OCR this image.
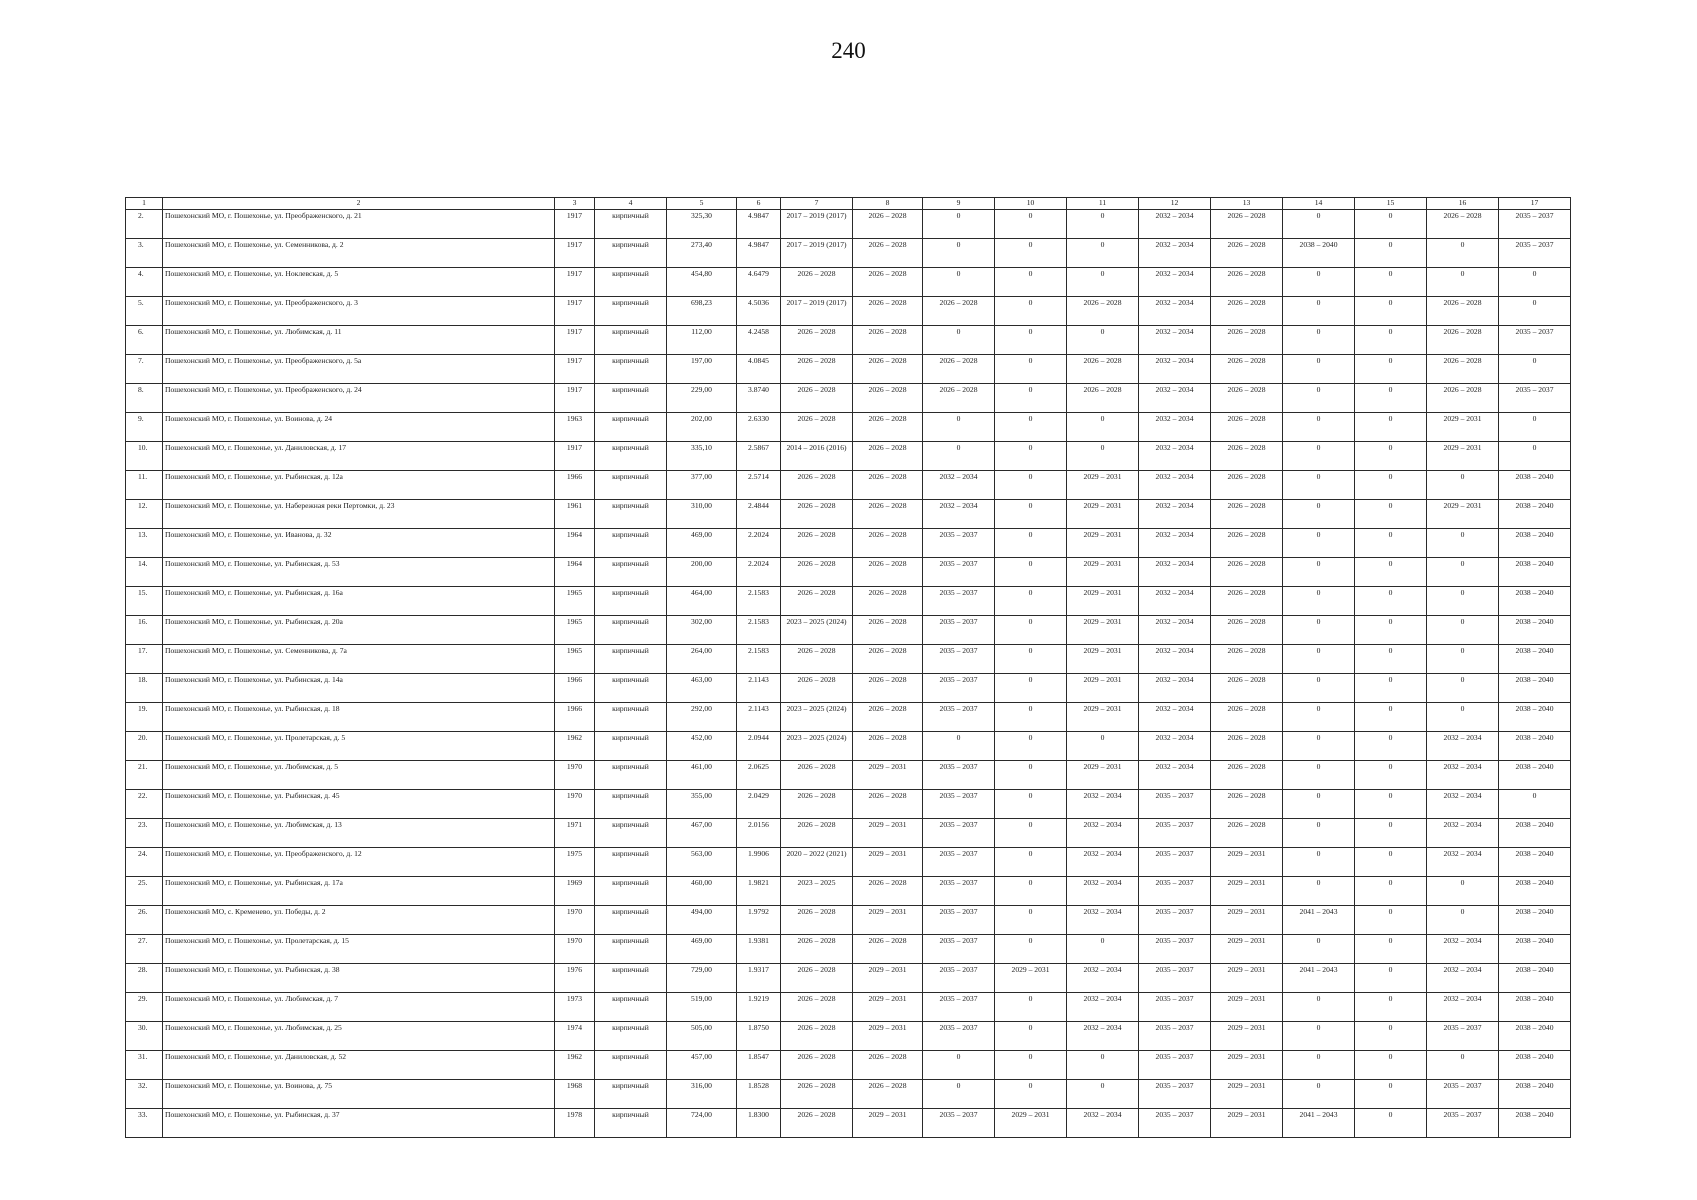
240
1	2	3	4	5	6	7	8	9	10	11	12	13	14	15	16	17
2.	Пошехонский МО, г. Пошехонье, ул. Преображенского, д. 21	1917	кирпичный	325,30	4.9847	2017 – 2019 (2017)	2026 – 2028	0	0	0	2032 – 2034	2026 – 2028	0	0	2026 – 2028	2035 – 2037
3.	Пошехонский МО, г. Пошехонье, ул. Семенникова, д. 2	1917	кирпичный	273,40	4.9847	2017 – 2019 (2017)	2026 – 2028	0	0	0	2032 – 2034	2026 – 2028	2038 – 2040	0	0	2035 – 2037
4.	Пошехонский МО, г. Пошехонье, ул. Ноклевская, д. 5	1917	кирпичный	454,80	4.6479	2026 – 2028	2026 – 2028	0	0	0	2032 – 2034	2026 – 2028	0	0	0	0
5.	Пошехонский МО, г. Пошехонье, ул. Преображенского, д. 3	1917	кирпичный	698,23	4.5036	2017 – 2019 (2017)	2026 – 2028	2026 – 2028	0	2026 – 2028	2032 – 2034	2026 – 2028	0	0	2026 – 2028	0
6.	Пошехонский МО, г. Пошехонье, ул. Любимская, д. 11	1917	кирпичный	112,00	4.2458	2026 – 2028	2026 – 2028	0	0	0	2032 – 2034	2026 – 2028	0	0	2026 – 2028	2035 – 2037
7.	Пошехонский МО, г. Пошехонье, ул. Преображенского, д. 5а	1917	кирпичный	197,00	4.0845	2026 – 2028	2026 – 2028	2026 – 2028	0	2026 – 2028	2032 – 2034	2026 – 2028	0	0	2026 – 2028	0
8.	Пошехонский МО, г. Пошехонье, ул. Преображенского, д. 24	1917	кирпичный	229,00	3.8740	2026 – 2028	2026 – 2028	2026 – 2028	0	2026 – 2028	2032 – 2034	2026 – 2028	0	0	2026 – 2028	2035 – 2037
9.	Пошехонский МО, г. Пошехонье, ул. Воинова, д. 24	1963	кирпичный	202,00	2.6330	2026 – 2028	2026 – 2028	0	0	0	2032 – 2034	2026 – 2028	0	0	2029 – 2031	0
10.	Пошехонский МО, г. Пошехонье, ул. Даниловская, д. 17	1917	кирпичный	335,10	2.5867	2014 – 2016 (2016)	2026 – 2028	0	0	0	2032 – 2034	2026 – 2028	0	0	2029 – 2031	0
11.	Пошехонский МО, г. Пошехонье, ул. Рыбинская, д. 12а	1966	кирпичный	377,00	2.5714	2026 – 2028	2026 – 2028	2032 – 2034	0	2029 – 2031	2032 – 2034	2026 – 2028	0	0	0	2038 – 2040
12.	Пошехонский МО, г. Пошехонье, ул. Набережная реки Пертомки, д. 23	1961	кирпичный	310,00	2.4844	2026 – 2028	2026 – 2028	2032 – 2034	0	2029 – 2031	2032 – 2034	2026 – 2028	0	0	2029 – 2031	2038 – 2040
13.	Пошехонский МО, г. Пошехонье, ул. Иванова, д. 32	1964	кирпичный	469,00	2.2024	2026 – 2028	2026 – 2028	2035 – 2037	0	2029 – 2031	2032 – 2034	2026 – 2028	0	0	0	2038 – 2040
14.	Пошехонский МО, г. Пошехонье, ул. Рыбинская, д. 53	1964	кирпичный	200,00	2.2024	2026 – 2028	2026 – 2028	2035 – 2037	0	2029 – 2031	2032 – 2034	2026 – 2028	0	0	0	2038 – 2040
15.	Пошехонский МО, г. Пошехонье, ул. Рыбинская, д. 16а	1965	кирпичный	464,00	2.1583	2026 – 2028	2026 – 2028	2035 – 2037	0	2029 – 2031	2032 – 2034	2026 – 2028	0	0	0	2038 – 2040
16.	Пошехонский МО, г. Пошехонье, ул. Рыбинская, д. 20а	1965	кирпичный	302,00	2.1583	2023 – 2025 (2024)	2026 – 2028	2035 – 2037	0	2029 – 2031	2032 – 2034	2026 – 2028	0	0	0	2038 – 2040
17.	Пошехонский МО, г. Пошехонье, ул. Семенникова, д. 7а	1965	кирпичный	264,00	2.1583	2026 – 2028	2026 – 2028	2035 – 2037	0	2029 – 2031	2032 – 2034	2026 – 2028	0	0	0	2038 – 2040
18.	Пошехонский МО, г. Пошехонье, ул. Рыбинская, д. 14а	1966	кирпичный	463,00	2.1143	2026 – 2028	2026 – 2028	2035 – 2037	0	2029 – 2031	2032 – 2034	2026 – 2028	0	0	0	2038 – 2040
19.	Пошехонский МО, г. Пошехонье, ул. Рыбинская, д. 18	1966	кирпичный	292,00	2.1143	2023 – 2025 (2024)	2026 – 2028	2035 – 2037	0	2029 – 2031	2032 – 2034	2026 – 2028	0	0	0	2038 – 2040
20.	Пошехонский МО, г. Пошехонье, ул. Пролетарская, д. 5	1962	кирпичный	452,00	2.0944	2023 – 2025 (2024)	2026 – 2028	0	0	0	2032 – 2034	2026 – 2028	0	0	2032 – 2034	2038 – 2040
21.	Пошехонский МО, г. Пошехонье, ул. Любимская, д. 5	1970	кирпичный	461,00	2.0625	2026 – 2028	2029 – 2031	2035 – 2037	0	2029 – 2031	2032 – 2034	2026 – 2028	0	0	2032 – 2034	2038 – 2040
22.	Пошехонский МО, г. Пошехонье, ул. Рыбинская, д. 45	1970	кирпичный	355,00	2.0429	2026 – 2028	2026 – 2028	2035 – 2037	0	2032 – 2034	2035 – 2037	2026 – 2028	0	0	2032 – 2034	0
23.	Пошехонский МО, г. Пошехонье, ул. Любимская, д. 13	1971	кирпичный	467,00	2.0156	2026 – 2028	2029 – 2031	2035 – 2037	0	2032 – 2034	2035 – 2037	2026 – 2028	0	0	2032 – 2034	2038 – 2040
24.	Пошехонский МО, г. Пошехонье, ул. Преображенского, д. 12	1975	кирпичный	563,00	1.9906	2020 – 2022 (2021)	2029 – 2031	2035 – 2037	0	2032 – 2034	2035 – 2037	2029 – 2031	0	0	2032 – 2034	2038 – 2040
25.	Пошехонский МО, г. Пошехонье, ул. Рыбинская, д. 17а	1969	кирпичный	460,00	1.9821	2023 – 2025	2026 – 2028	2035 – 2037	0	2032 – 2034	2035 – 2037	2029 – 2031	0	0	0	2038 – 2040
26.	Пошехонский МО, с. Кременево, ул. Победы, д. 2	1970	кирпичный	494,00	1.9792	2026 – 2028	2029 – 2031	2035 – 2037	0	2032 – 2034	2035 – 2037	2029 – 2031	2041 – 2043	0	0	2038 – 2040
27.	Пошехонский МО, г. Пошехонье, ул. Пролетарская, д. 15	1970	кирпичный	469,00	1.9381	2026 – 2028	2026 – 2028	2035 – 2037	0	0	2035 – 2037	2029 – 2031	0	0	2032 – 2034	2038 – 2040
28.	Пошехонский МО, г. Пошехонье, ул. Рыбинская, д. 38	1976	кирпичный	729,00	1.9317	2026 – 2028	2029 – 2031	2035 – 2037	2029 – 2031	2032 – 2034	2035 – 2037	2029 – 2031	2041 – 2043	0	2032 – 2034	2038 – 2040
29.	Пошехонский МО, г. Пошехонье, ул. Любимская, д. 7	1973	кирпичный	519,00	1.9219	2026 – 2028	2029 – 2031	2035 – 2037	0	2032 – 2034	2035 – 2037	2029 – 2031	0	0	2032 – 2034	2038 – 2040
30.	Пошехонский МО, г. Пошехонье, ул. Любимская, д. 25	1974	кирпичный	505,00	1.8750	2026 – 2028	2029 – 2031	2035 – 2037	0	2032 – 2034	2035 – 2037	2029 – 2031	0	0	2035 – 2037	2038 – 2040
31.	Пошехонский МО, г. Пошехонье, ул. Даниловская, д. 52	1962	кирпичный	457,00	1.8547	2026 – 2028	2026 – 2028	0	0	0	2035 – 2037	2029 – 2031	0	0	0	2038 – 2040
32.	Пошехонский МО, г. Пошехонье, ул. Воинова, д. 75	1968	кирпичный	316,00	1.8528	2026 – 2028	2026 – 2028	0	0	0	2035 – 2037	2029 – 2031	0	0	2035 – 2037	2038 – 2040
33.	Пошехонский МО, г. Пошехонье, ул. Рыбинская, д. 37	1978	кирпичный	724,00	1.8300	2026 – 2028	2029 – 2031	2035 – 2037	2029 – 2031	2032 – 2034	2035 – 2037	2029 – 2031	2041 – 2043	0	2035 – 2037	2038 – 2040
